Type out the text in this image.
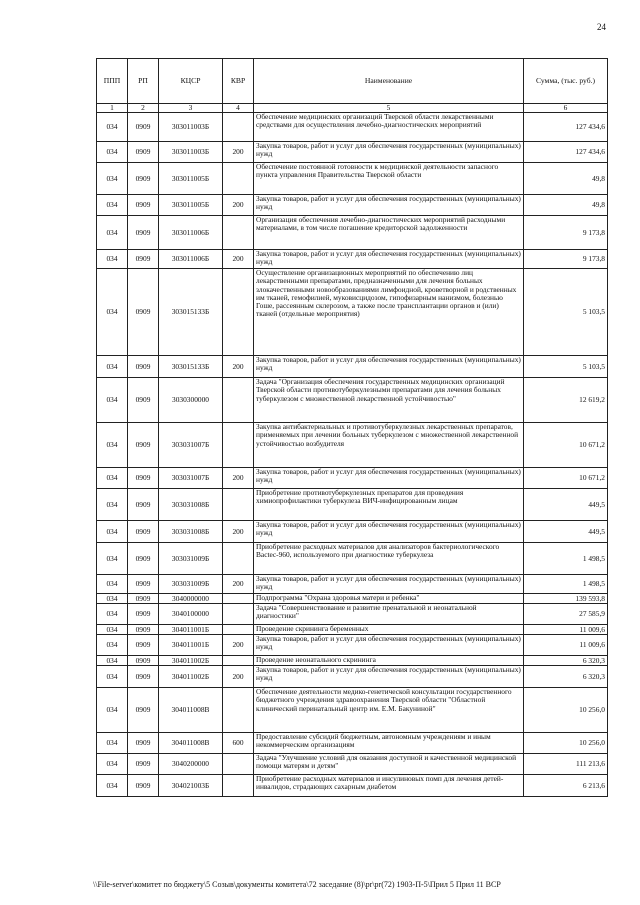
24
ППП	РП	КЦСР	КВР	Наименование	Сумма, (тыс. руб.)
1	2	3	4	5	6
034	0909	303011003Б		Обеспечение медицинских организаций Тверской области лекарственными средствами для осуществления лечебно-диагностических мероприятий	127 434,6
034	0909	303011003Б	200	Закупка товаров, работ и услуг для обеспечения государственных (муниципальных) нужд	127 434,6
034	0909	303011005Б		Обеспечение постоянной готовности к медицинской деятельности запасного пункта управления Правительства Тверской области	49,8
034	0909	303011005Б	200	Закупка товаров, работ и услуг для обеспечения государственных (муниципальных) нужд	49,8
034	0909	303011006Б		Организация обеспечения лечебно-диагностических мероприятий расходными материалами, в том числе погашение кредиторской задолженности	9 173,8
034	0909	303011006Б	200	Закупка товаров, работ и услуг для обеспечения государственных (муниципальных) нужд	9 173,8
034	0909	303015133Б		Осуществление организационных мероприятий по обеспечению лиц лекарственными препаратами, предназначенными для лечения больных злокачественными новообразованиями лимфоидной, кроветворной и родственных им тканей, гемофилией, муковисцидозом, гипофизарным нанизмом, болезнью Гоше, рассеянным склерозом, а также после трансплантации органов и (или) тканей (отдельные мероприятия)	5 103,5
034	0909	303015133Б	200	Закупка товаров, работ и услуг для обеспечения государственных (муниципальных) нужд	5 103,5
034	0909	3030300000		Задача "Организация обеспечения государственных медицинских организаций Тверской области противотуберкулезными препаратами для лечения больных туберкулезом с множественной лекарственной устойчивостью"	12 619,2
034	0909	303031007Б		Закупка антибактериальных и противотуберкулезных лекарственных препаратов, применяемых при лечении больных туберкулезом с множественной лекарственной устойчивостью возбудителя	10 671,2
034	0909	303031007Б	200	Закупка товаров, работ и услуг для обеспечения государственных (муниципальных) нужд	10 671,2
034	0909	303031008Б		Приобретение противотуберкулезных препаратов для проведения химиопрофилактики туберкулеза ВИЧ-инфицированным лицам	449,5
034	0909	303031008Б	200	Закупка товаров, работ и услуг для обеспечения государственных (муниципальных) нужд	449,5
034	0909	303031009Б		Приобретение расходных материалов для анализаторов бактериологического Bactec-960, используемого при диагностике туберкулеза	1 498,5
034	0909	303031009Б	200	Закупка товаров, работ и услуг для обеспечения государственных (муниципальных) нужд	1 498,5
034	0909	3040000000		Подпрограмма "Охрана здоровья матери и ребенка"	139 593,8
034	0909	3040100000		Задача "Совершенствование и развитие пренатальной и неонатальной диагностики"	27 585,9
034	0909	304011001Б		Проведение скрининга беременных	11 009,6
034	0909	304011001Б	200	Закупка товаров, работ и услуг для обеспечения государственных (муниципальных) нужд	11 009,6
034	0909	304011002Б		Проведение неонатального скрининга	6 320,3
034	0909	304011002Б	200	Закупка товаров, работ и услуг для обеспечения государственных (муниципальных) нужд	6 320,3
034	0909	304011008В		Обеспечение деятельности медико-генетической консультации государственного бюджетного учреждения здравоохранения Тверской области "Областной клинический перинатальный центр им. Е.М. Бакуниной"	10 256,0
034	0909	304011008В	600	Предоставление субсидий бюджетным, автономным учреждениям и иным некоммерческим организациям	10 256,0
034	0909	3040200000		Задача "Улучшение условий для оказания доступной и качественной медицинской помощи матерям и детям"	111 213,6
034	0909	304021003Б		Приобретение расходных материалов и инсулиновых помп для лечения детей-инвалидов, страдающих сахарным диабетом	6 213,6
\\File-server\комитет по бюджету\5 Созыв\документы комитета\72 заседание (8)\pr\pr(72) 1903-П-5\Прил 5 Прил 11 ВСР
